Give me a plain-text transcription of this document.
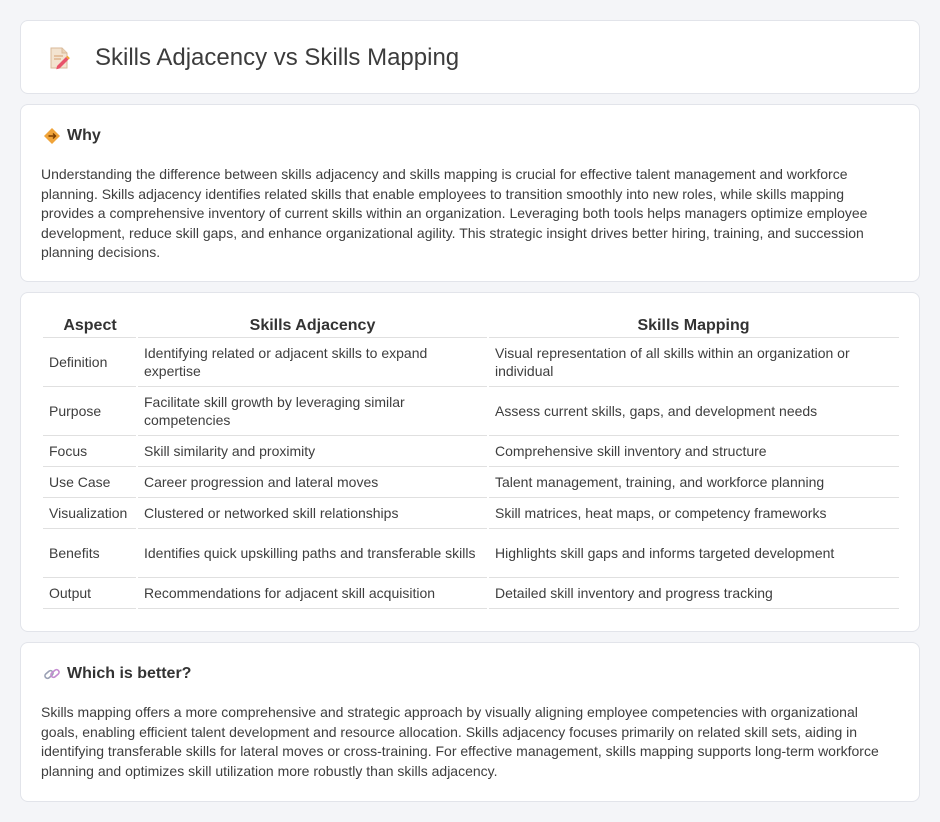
Skills Adjacency vs Skills Mapping
Why

Understanding the difference between skills adjacency and skills mapping is crucial for effective talent management and workforce planning. Skills adjacency identifies related skills that enable employees to transition smoothly into new roles, while skills mapping provides a comprehensive inventory of current skills within an organization. Leveraging both tools helps managers optimize employee development, reduce skill gaps, and enhance organizational agility. This strategic insight drives better hiring, training, and succession planning decisions.

Aspect	Skills Adjacency	Skills Mapping
Definition	Identifying related or adjacent skills to expand expertise	Visual representation of all skills within an organization or individual
Purpose	Facilitate skill growth by leveraging similar competencies	Assess current skills, gaps, and development needs
Focus	Skill similarity and proximity	Comprehensive skill inventory and structure
Use Case	Career progression and lateral moves	Talent management, training, and workforce planning
Visualization	Clustered or networked skill relationships	Skill matrices, heat maps, or competency frameworks
Benefits	Identifies quick upskilling paths and transferable skills	Highlights skill gaps and informs targeted development
Output	Recommendations for adjacent skill acquisition	Detailed skill inventory and progress tracking
Which is better?

Skills mapping offers a more comprehensive and strategic approach by visually aligning employee competencies with organizational goals, enabling efficient talent development and resource allocation. Skills adjacency focuses primarily on related skill sets, aiding in identifying transferable skills for lateral moves or cross-training. For effective management, skills mapping supports long-term workforce planning and optimizes skill utilization more robustly than skills adjacency.
